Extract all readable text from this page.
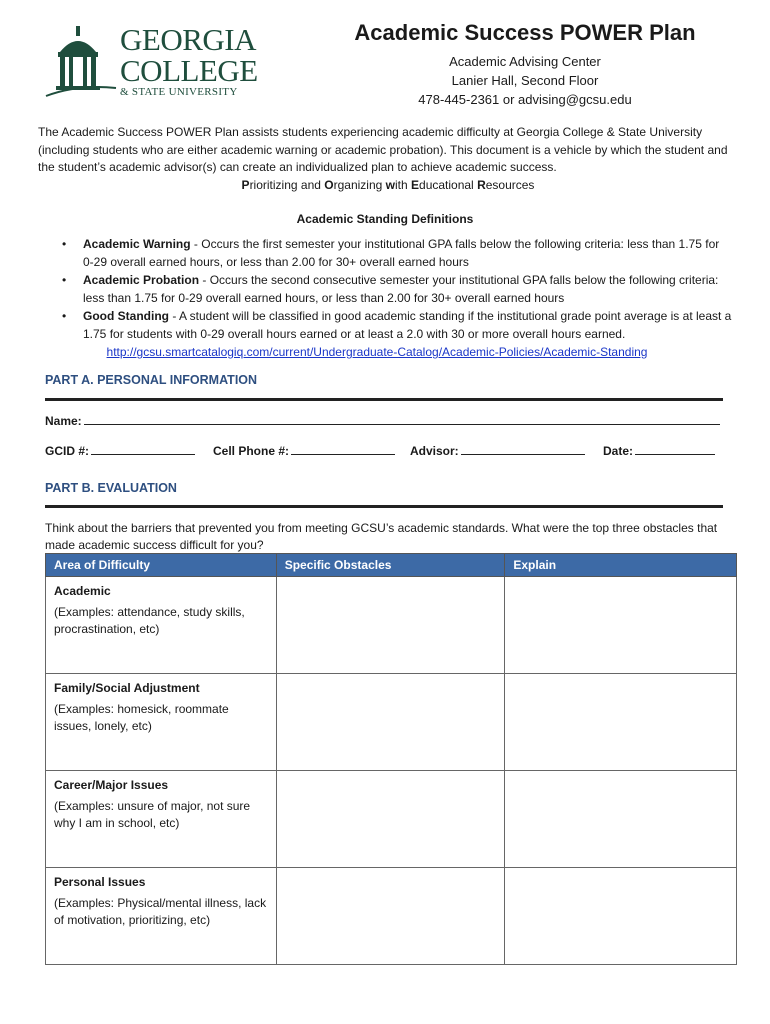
GEORGIA
COLLEGE
& STATE UNIVERSITY
Academic Success POWER Plan
Academic Advising Center
Lanier Hall, Second Floor
478-445-2361 or advising@gcsu.edu
The Academic Success POWER Plan assists students experiencing academic difficulty at Georgia College & State University (including students who are either academic warning or academic probation). This document is a vehicle by which the student and the student’s academic advisor(s) can create an individualized plan to achieve academic success.
Prioritizing and Organizing with Educational Resources
Academic Standing Definitions
• Academic Warning - Occurs the first semester your institutional GPA falls below the following criteria: less than 1.75 for 0-29 overall earned hours, or less than 2.00 for 30+ overall earned hours
• Academic Probation - Occurs the second consecutive semester your institutional GPA falls below the following criteria: less than 1.75 for 0-29 overall earned hours, or less than 2.00 for 30+ overall earned hours
• Good Standing - A student will be classified in good academic standing if the institutional grade point average is at least a 1.75 for students with 0-29 overall hours earned or at least a 2.0 with 30 or more overall hours earned.
http://gcsu.smartcatalogiq.com/current/Undergraduate-Catalog/Academic-Policies/Academic-Standing
PART A. PERSONAL INFORMATION
Name:
GCID #:	Cell Phone #:	Advisor:	Date:
PART B. EVALUATION
Think about the barriers that prevented you from meeting GCSU’s academic standards. What were the top three obstacles that made academic success difficult for you?
Area of Difficulty	Specific Obstacles	Explain

Academic
(Examples: attendance, study skills, procrastination, etc)		

Family/Social Adjustment
(Examples: homesick, roommate issues, lonely, etc)		

Career/Major Issues
(Examples: unsure of major, not sure why I am in school, etc)		

Personal Issues
(Examples: Physical/mental illness, lack of motivation, prioritizing, etc)		
